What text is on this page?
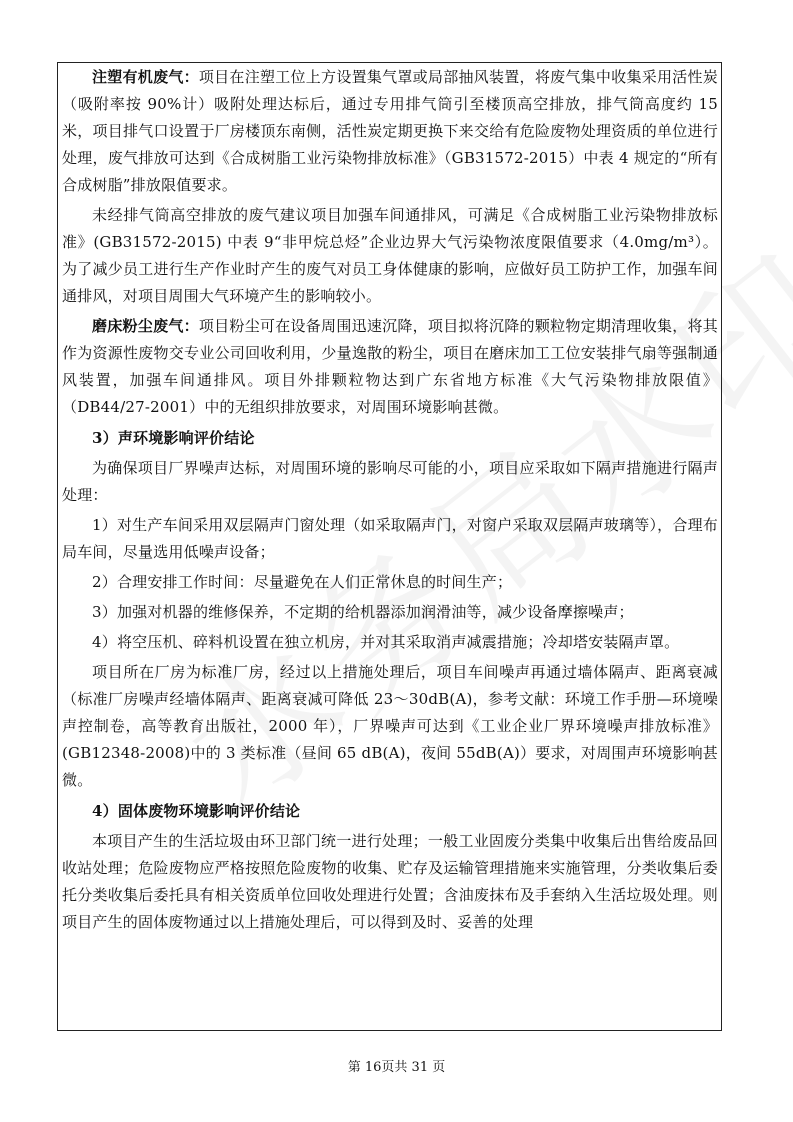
注塑有机废气：项目在注塑工位上方设置集气罩或局部抽风装置，将废气集中收集采用活性炭（吸附率按 90%计）吸附处理达标后，通过专用排气筒引至楼顶高空排放，排气筒高度约 15 米，项目排气口设置于厂房楼顶东南侧，活性炭定期更换下来交给有危险废物处理资质的单位进行处理，废气排放可达到《合成树脂工业污染物排放标准》（GB31572-2015）中表 4 规定的“所有合成树脂”排放限值要求。

未经排气筒高空排放的废气建议项目加强车间通排风，可满足《合成树脂工业污染物排放标准》(GB31572-2015) 中表 9“非甲烷总烃”企业边界大气污染物浓度限值要求（4.0mg/m³）。为了减少员工进行生产作业时产生的废气对员工身体健康的影响，应做好员工防护工作，加强车间通排风，对项目周围大气环境产生的影响较小。

磨床粉尘废气：项目粉尘可在设备周围迅速沉降，项目拟将沉降的颗粒物定期清理收集，将其作为资源性废物交专业公司回收利用，少量逸散的粉尘，项目在磨床加工工位安装排气扇等强制通风装置，加强车间通排风。项目外排颗粒物达到广东省地方标准《大气污染物排放限值》（DB44/27-2001）中的无组织排放要求，对周围环境影响甚微。

3）声环境影响评价结论

为确保项目厂界噪声达标，对周围环境的影响尽可能的小，项目应采取如下隔声措施进行隔声处理：

1）对生产车间采用双层隔声门窗处理（如采取隔声门，对窗户采取双层隔声玻璃等），合理布局车间，尽量选用低噪声设备；

2）合理安排工作时间：尽量避免在人们正常休息的时间生产；

3）加强对机器的维修保养，不定期的给机器添加润滑油等，减少设备摩擦噪声；

4）将空压机、碎料机设置在独立机房，并对其采取消声减震措施；冷却塔安装隔声罩。

项目所在厂房为标准厂房，经过以上措施处理后，项目车间噪声再通过墙体隔声、距离衰减（标准厂房噪声经墙体隔声、距离衰减可降低 23～30dB(A)，参考文献：环境工作手册—环境噪声控制卷，高等教育出版社，2000 年），厂界噪声可达到《工业企业厂界环境噪声排放标准》(GB12348-2008)中的 3 类标准（昼间 65 dB(A)，夜间 55dB(A)）要求，对周围声环境影响甚微。

4）固体废物环境影响评价结论

本项目产生的生活垃圾由环卫部门统一进行处理；一般工业固废分类集中收集后出售给废品回收站处理；危险废物应严格按照危险废物的收集、贮存及运输管理措施来实施管理，分类收集后委托分类收集后委托具有相关资质单位回收处理进行处置；含油废抹布及手套纳入生活垃圾处理。则项目产生的固体废物通过以上措施处理后，可以得到及时、妥善的处理

第 16页共 31 页
